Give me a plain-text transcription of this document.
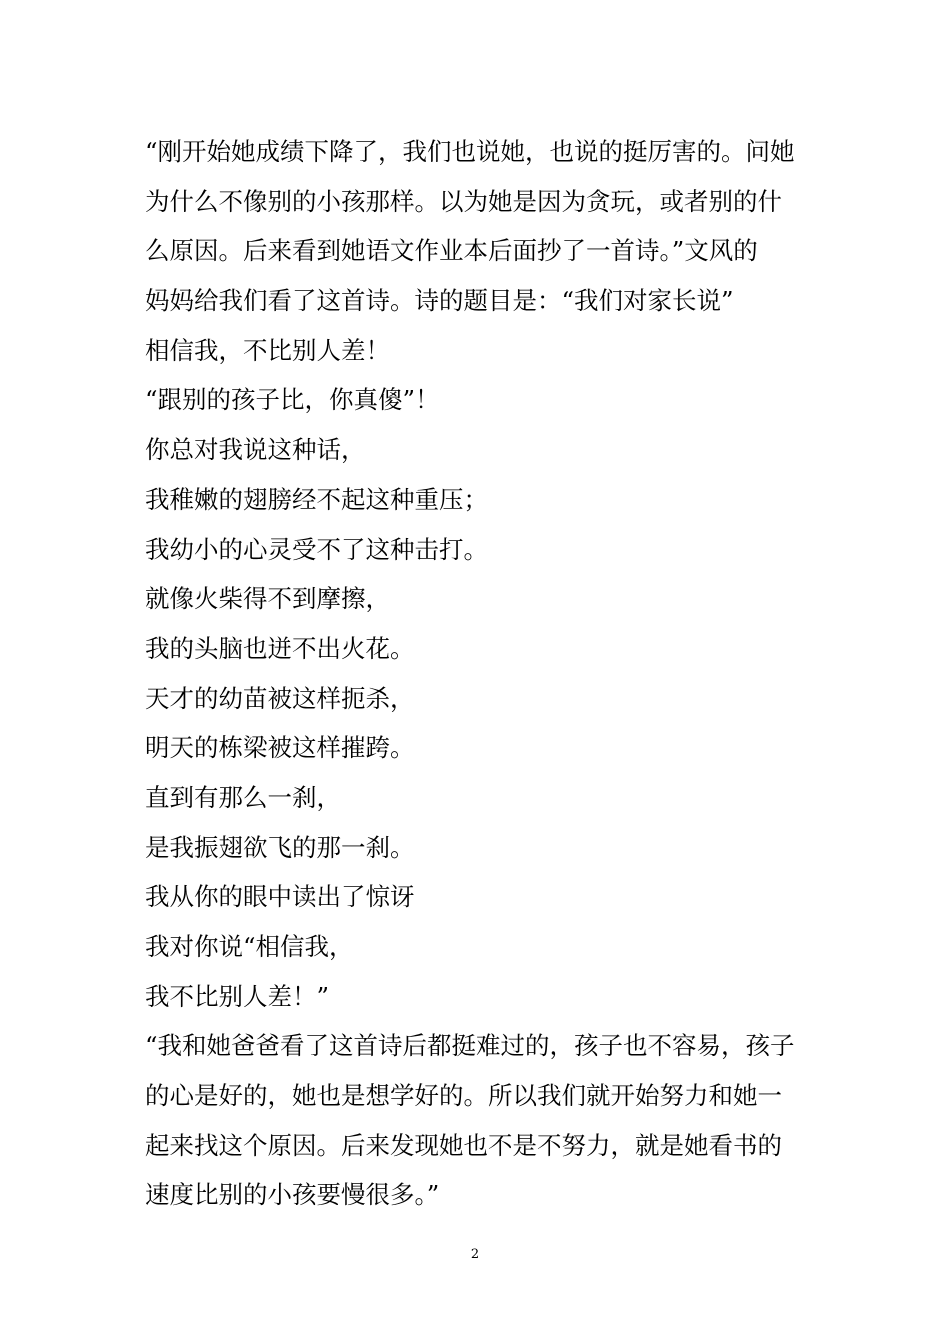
“刚开始她成绩下降了，我们也说她，也说的挺厉害的。问她
为什么不像别的小孩那样。以为她是因为贪玩，或者别的什
么原因。后来看到她语文作业本后面抄了一首诗。”文风的
妈妈给我们看了这首诗。诗的题目是：“我们对家长说”
相信我，不比别人差！
“跟别的孩子比，你真傻”！
你总对我说这种话，
我稚嫩的翅膀经不起这种重压；
我幼小的心灵受不了这种击打。
就像火柴得不到摩擦，
我的头脑也迸不出火花。
天才的幼苗被这样扼杀，
明天的栋梁被这样摧跨。
直到有那么一刹，
是我振翅欲飞的那一刹。
我从你的眼中读出了惊讶
我对你说“相信我，
我不比别人差！”
“我和她爸爸看了这首诗后都挺难过的，孩子也不容易，孩子
的心是好的，她也是想学好的。所以我们就开始努力和她一
起来找这个原因。后来发现她也不是不努力，就是她看书的
速度比别的小孩要慢很多。”
2
